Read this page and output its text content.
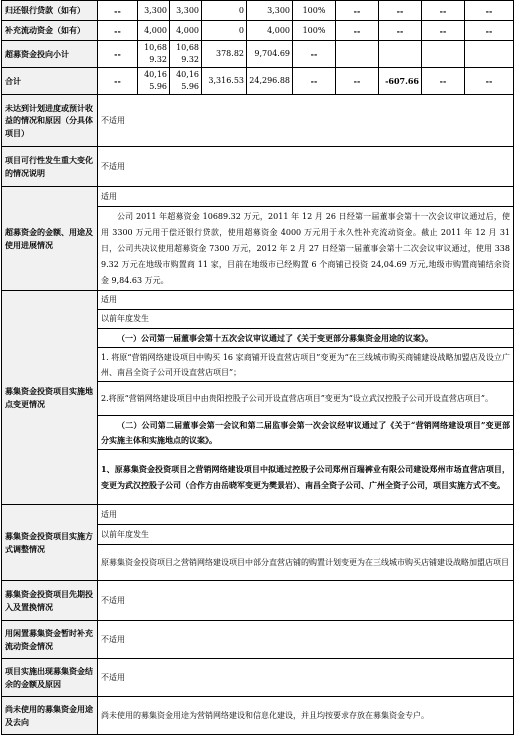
归还银行贷款（如有）	--	3,300	3,300	0	3,300	100%	--	--	--	--
补充流动资金（如有）	--	4,000	4,000	0	4,000	100%	--	--	--	--
超募资金投向小计	--	10,689.32	10,689.32	378.82	9,704.69	--				
合计	--	40,165.96	40,165.96	3,316.53	24,296.88	--	--	-607.66	--	--
未达到计划进度或预计收益的情况和原因（分具体项目）	不适用									
项目可行性发生重大变化的情况说明	不适用									
超募资金的金额、用途及使用进展情况	适用									
	公司 2011 年超募资金 10689.32 万元，2011 年 12 月 26 日经第一届董事会第十一次会议审议通过后，使用 3300 万元用于偿还银行贷款，使用超募资金 4000 万元用于永久性补充流动资金。截止 2011 年 12 月 31 日，公司共决议使用超募资金 7300 万元，2012 年 2 月 27 日经第一届董事会第十二次会议审议通过，使用 3389.32 万元在地级市购置商 11 家，目前在地级市已经购置 6 个商铺已投资 24,04.69 万元,地级市购置商铺结余资金 9,84.63 万元。									
募集资金投资项目实施地点变更情况	适用									
	以前年度发生									
	（一）公司第一届董事会第十五次会议审议通过了《关于变更部分募集资金用途的议案》。									
	1. 将原“营销网络建设项目中购买 16 家商铺开设直营店项目”变更为“在三线城市购买商铺建设战略加盟店及设立广州、南昌全资子公司开设直营店项目”；									
	2.将原“营销网络建设项目中由贵阳控股子公司开设直营店项目”变更为“设立武汉控股子公司开设直营店项目”。									
	（二）公司第二届董事会第一会议和第二届监事会第一次会议经审议通过了《关于“营销网络建设项目”变更部分实施主体和实施地点的议案》。									
	1、原募集资金投资项目之营销网络建设项目中拟通过控股子公司郑州百瑞裤业有限公司建设郑州市场直营店项目，变更为武汉控股子公司（合作方由岳晓军变更为樊景岩）、南昌全资子公司、广州全资子公司，项目实施方式不变。									
募集资金投资项目实施方式调整情况	适用									
	以前年度发生									
	原募集资金投资项目之营销网络建设项目中部分直营店铺的购置计划变更为在三线城市购买店铺建设战略加盟店项目									
募集资金投资项目先期投入及置换情况	不适用									
用闲置募集资金暂时补充流动资金情况	不适用									
项目实施出现募集资金结余的金额及原因	不适用									
尚未使用的募集资金用途及去向	尚未使用的募集资金用途为营销网络建设和信息化建设，并且均按要求存放在募集资金专户。									
